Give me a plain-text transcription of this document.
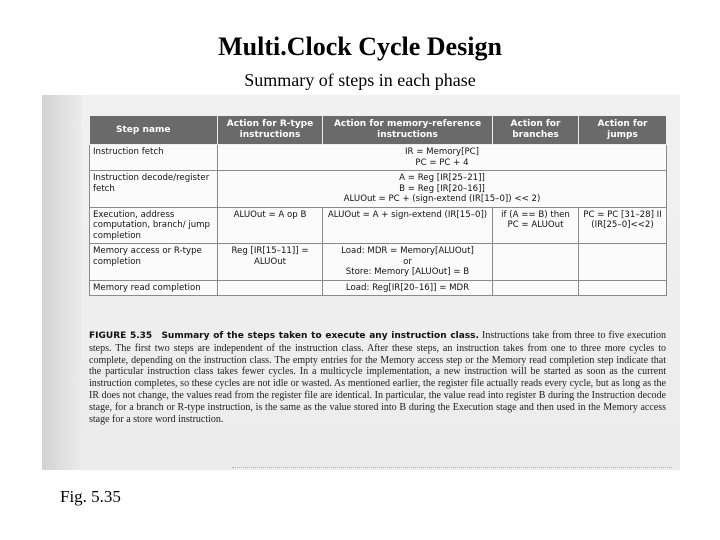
Multi.Clock Cycle Design
Summary of steps in each phase
Step name	Action for R-type instructions	Action for memory-reference instructions	Action for branches	Action for jumps
Instruction fetch	IR = Memory[PC]
PC = PC + 4			
Instruction decode/register fetch	A = Reg [IR[25–21]]
B = Reg [IR[20–16]]
ALUOut = PC + (sign-extend (IR[15–0]) << 2)			
Execution, address computation, branch/ jump completion	ALUOut = A op B	ALUOut = A + sign-extend (IR[15–0])	if (A == B) then PC = ALUOut	PC = PC [31–28] II (IR[25–0]<<2)
Memory access or R-type completion	Reg [IR[15–11]] = ALUOut	Load: MDR = Memory[ALUOut]
or
Store: Memory [ALUOut] = B		
Memory read completion		Load: Reg[IR[20–16]] = MDR		
FIGURE 5.35 Summary of the steps taken to execute any instruction class. Instructions take from three to five execution steps. The first two steps are independent of the instruction class. After these steps, an instruction takes from one to three more cycles to complete, depending on the instruction class. The empty entries for the Memory access step or the Memory read completion step indicate that the particular instruction class takes fewer cycles. In a multicycle implementation, a new instruction will be started as soon as the current instruction completes, so these cycles are not idle or wasted. As mentioned earlier, the register file actually reads every cycle, but as long as the IR does not change, the values read from the register file are identical. In particular, the value read into register B during the Instruction decode stage, for a branch or R-type instruction, is the same as the value stored into B during the Execution stage and then used in the Memory access stage for a store word instruction.
Fig. 5.35
